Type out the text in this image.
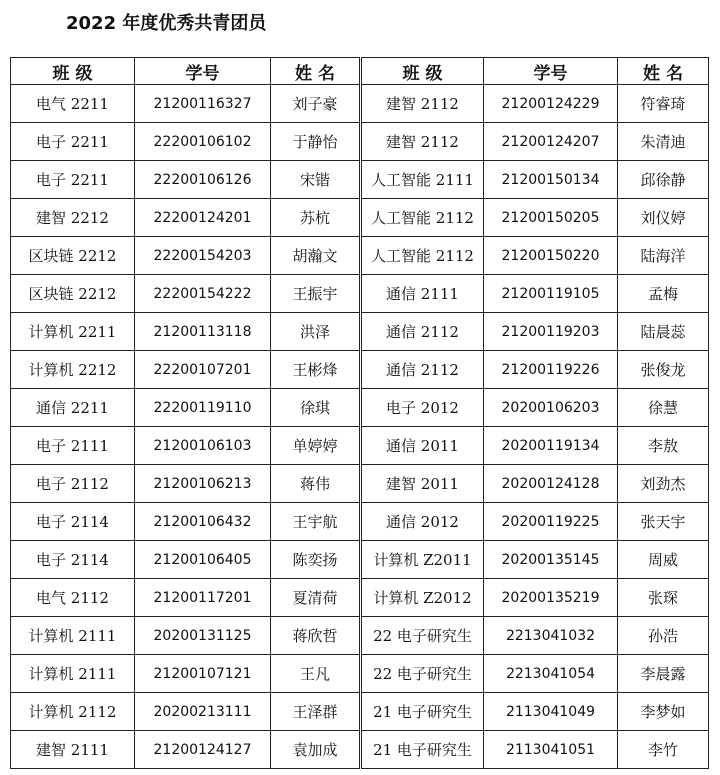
2022 年度优秀共青团员
班 级	学号	姓 名	班 级	学号	姓 名
电气 2211	21200116327	刘子豪	建智 2112	21200124229	符睿琦
电子 2211	22200106102	于静怡	建智 2112	21200124207	朱清迪
电子 2211	22200106126	宋锴	人工智能 2111	21200150134	邱徐静
建智 2212	22200124201	苏杭	人工智能 2112	21200150205	刘仪婷
区块链 2212	22200154203	胡瀚文	人工智能 2112	21200150220	陆海洋
区块链 2212	22200154222	王振宇	通信 2111	21200119105	孟梅
计算机 2211	21200113118	洪泽	通信 2112	21200119203	陆晨蕊
计算机 2212	22200107201	王彬烽	通信 2112	21200119226	张俊龙
通信 2211	22200119110	徐琪	电子 2012	20200106203	徐慧
电子 2111	21200106103	单婷婷	通信 2011	20200119134	李敖
电子 2112	21200106213	蒋伟	建智 2011	20200124128	刘劲杰
电子 2114	21200106432	王宇航	通信 2012	20200119225	张天宇
电子 2114	21200106405	陈奕扬	计算机 Z2011	20200135145	周威
电气 2112	21200117201	夏清荷	计算机 Z2012	20200135219	张琛
计算机 2111	20200131125	蒋欣哲	22 电子研究生	2213041032	孙浩
计算机 2111	21200107121	王凡	22 电子研究生	2213041054	李晨露
计算机 2112	20200213111	王泽群	21 电子研究生	2113041049	李梦如
建智 2111	21200124127	袁加成	21 电子研究生	2113041051	李竹
